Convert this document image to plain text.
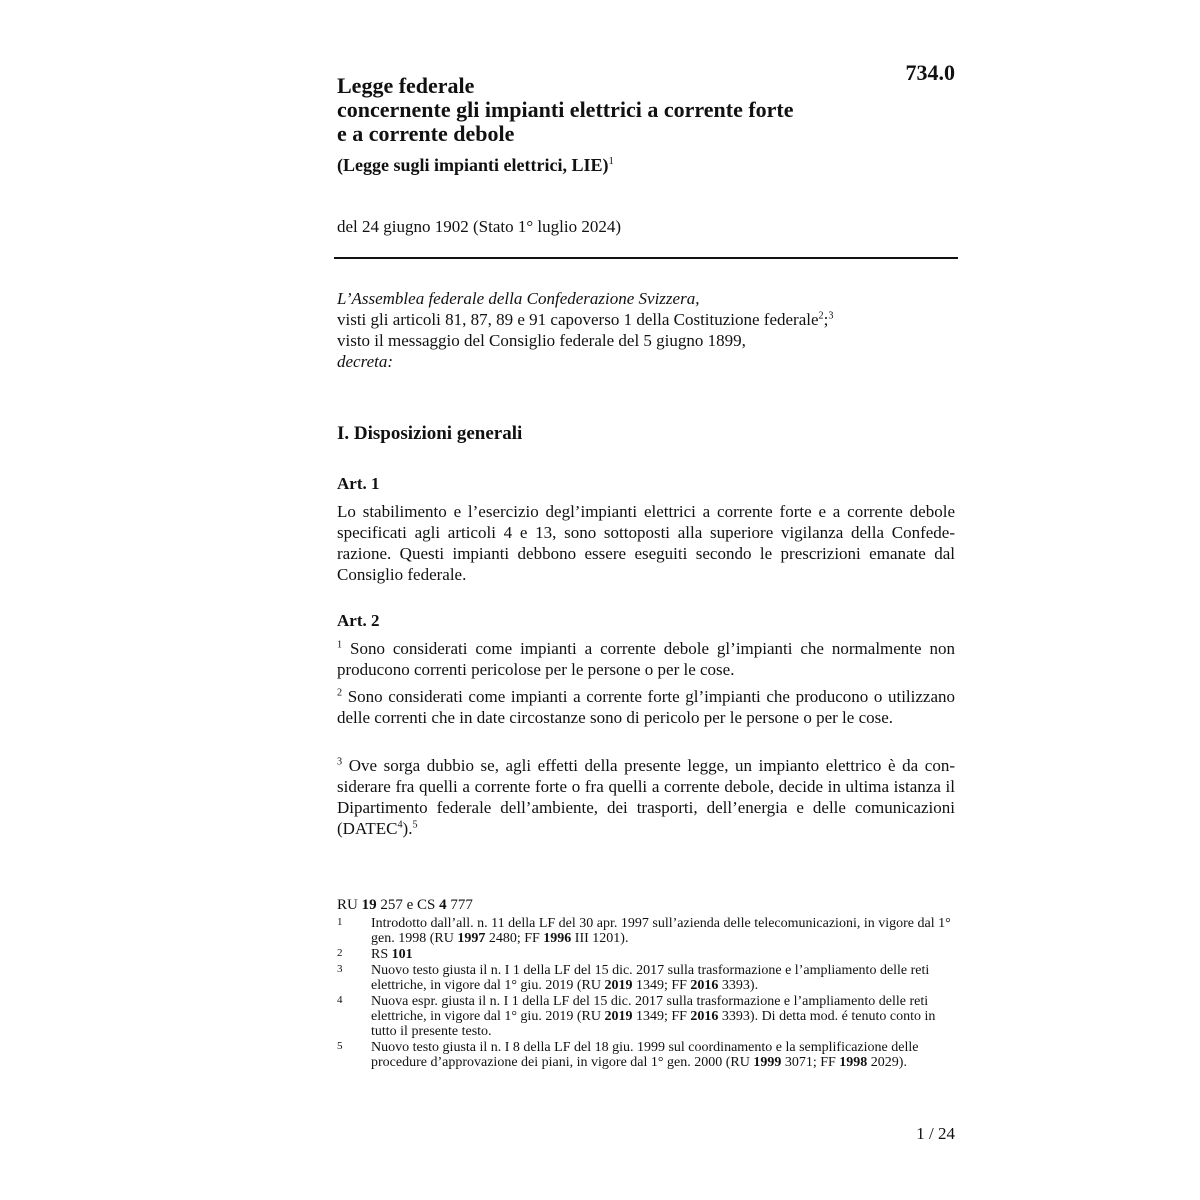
734.0
Legge federale
concernente gli impianti elettrici a corrente forte
e a corrente debole
(Legge sugli impianti elettrici, LIE)$^1$
del 24 giugno 1902 (Stato 1° luglio 2024)
L’Assemblea federale della Confederazione Svizzera,
visti gli articoli 81, 87, 89 e 91 capoverso 1 della Costituzione federale$^2$;$^3$
visto il messaggio del Consiglio federale del 5 giugno 1899,
decreta:
I. Disposizioni generali
Art. 1
Lo stabilimento e l’esercizio degl’impianti elettrici a corrente forte e a corrente debole specificati agli articoli 4 e 13, sono sottoposti alla superiore vigilanza della Confederazione. Questi impianti debbono essere eseguiti secondo le prescrizioni emanate dal Consiglio federale.
Art. 2
$^1$ Sono considerati come impianti a corrente debole gl’impianti che normalmente non producono correnti pericolose per le persone o per le cose.
$^2$ Sono considerati come impianti a corrente forte gl’impianti che producono o utilizzano delle correnti che in date circostanze sono di pericolo per le persone o per le cose.
$^3$ Ove sorga dubbio se, agli effetti della presente legge, un impianto elettrico è da considerare fra quelli a corrente forte o fra quelli a corrente debole, decide in ultima istanza il Dipartimento federale dell’ambiente, dei trasporti, dell’energia e delle comunicazioni (DATEC$^4$).$^5$
RU 19 257 e CS 4 777
1	Introdotto dall’all. n. 11 della LF del 30 apr. 1997 sull’azienda delle telecomunicazioni, in vigore dal 1° gen. 1998 (RU 1997 2480; FF 1996 III 1201).
2	RS 101
3	Nuovo testo giusta il n. I 1 della LF del 15 dic. 2017 sulla trasformazione e l’ampliamento delle reti elettriche, in vigore dal 1° giu. 2019 (RU 2019 1349; FF 2016 3393).
4	Nuova espr. giusta il n. I 1 della LF del 15 dic. 2017 sulla trasformazione e l’ampliamento delle reti elettriche, in vigore dal 1° giu. 2019 (RU 2019 1349; FF 2016 3393). Di detta mod. é tenuto conto in tutto il presente testo.
5	Nuovo testo giusta il n. I 8 della LF del 18 giu. 1999 sul coordinamento e la semplificazione delle procedure d’approvazione dei piani, in vigore dal 1° gen. 2000 (RU 1999 3071; FF 1998 2029).
1 / 24
